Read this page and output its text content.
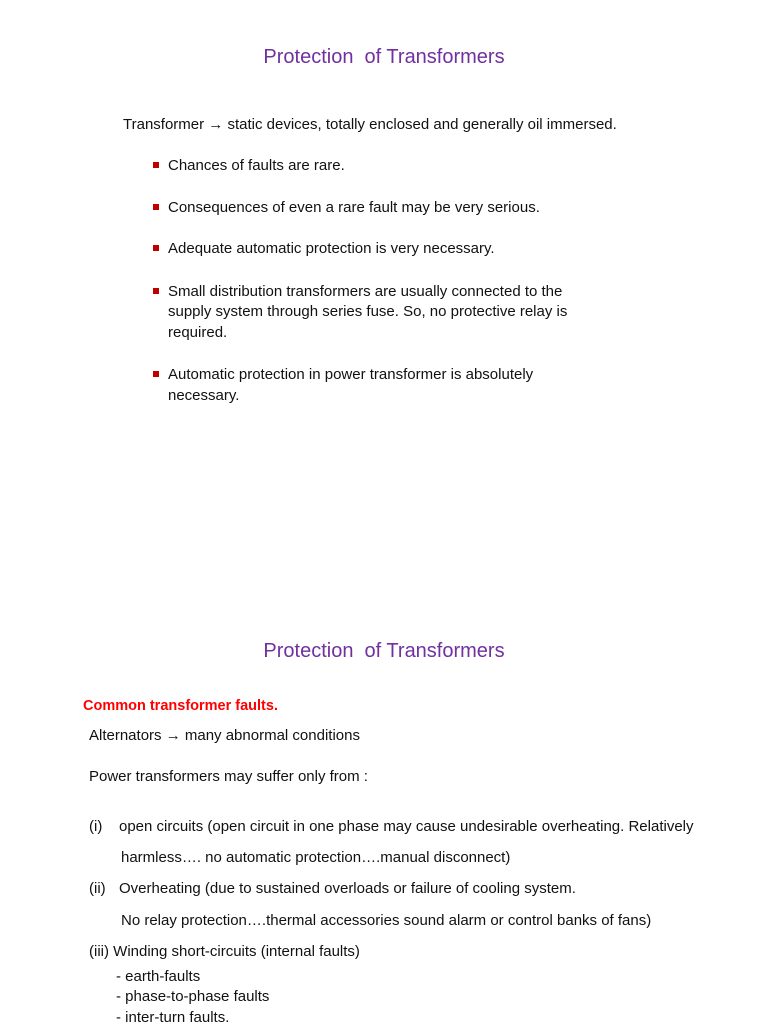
Protection  of Transformers
Transformer → static devices, totally enclosed and generally oil immersed.
Chances of faults are rare.
Consequences of even a rare fault may be very serious.
Adequate automatic protection is very necessary.
Small distribution transformers are usually connected to the supply system through series fuse. So, no protective relay is required.
Automatic protection in power transformer is absolutely necessary.
Protection  of Transformers
Common transformer faults.
Alternators → many abnormal conditions
Power transformers may suffer only from :
(i) open circuits (open circuit in one phase may cause undesirable overheating. Relatively
harmless…. no automatic protection….manual disconnect)
(ii) Overheating (due to sustained overloads or failure of cooling system.
No relay protection….thermal accessories sound alarm or control banks of fans)
(iii) Winding short-circuits (internal faults)
- earth-faults
- phase-to-phase faults
- inter-turn faults.
